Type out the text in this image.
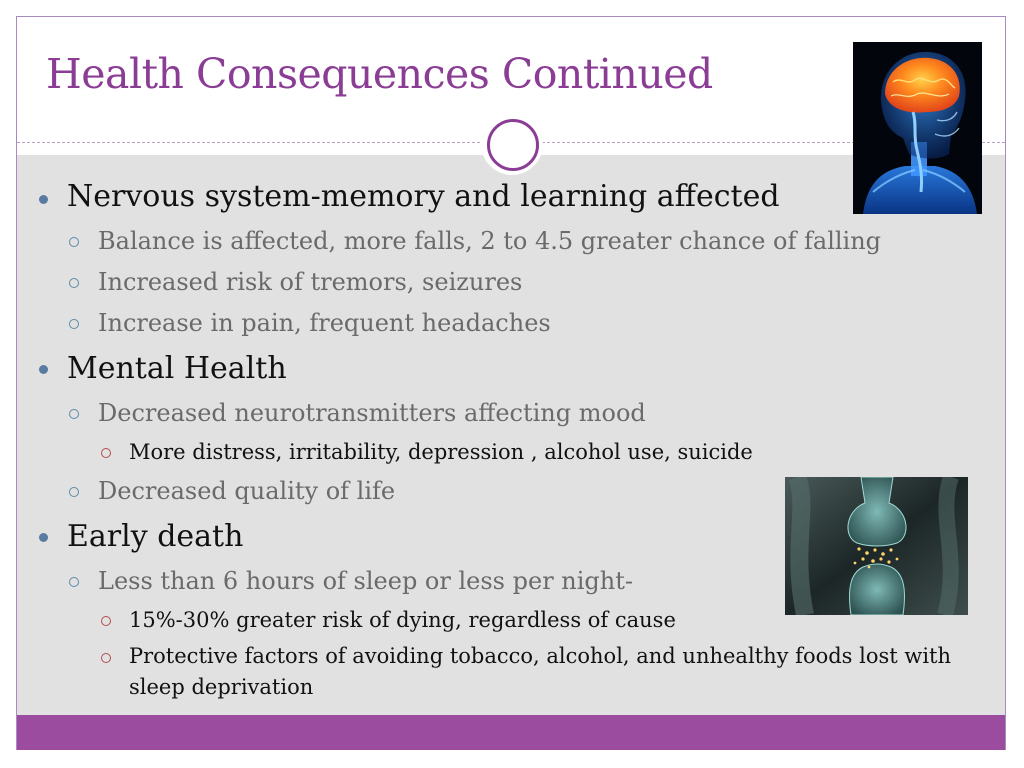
Health Consequences Continued
Nervous system-memory and learning affected
Balance is affected, more falls, 2 to 4.5 greater chance of falling
Increased risk of tremors, seizures
Increase in pain, frequent headaches
Mental Health
Decreased neurotransmitters affecting mood
More distress, irritability, depression , alcohol use, suicide
Decreased quality of life
Early death
Less than 6 hours of sleep or less per night-
15%-30% greater risk of dying, regardless of cause
Protective factors of avoiding tobacco, alcohol, and unhealthy foods lost with sleep deprivation
